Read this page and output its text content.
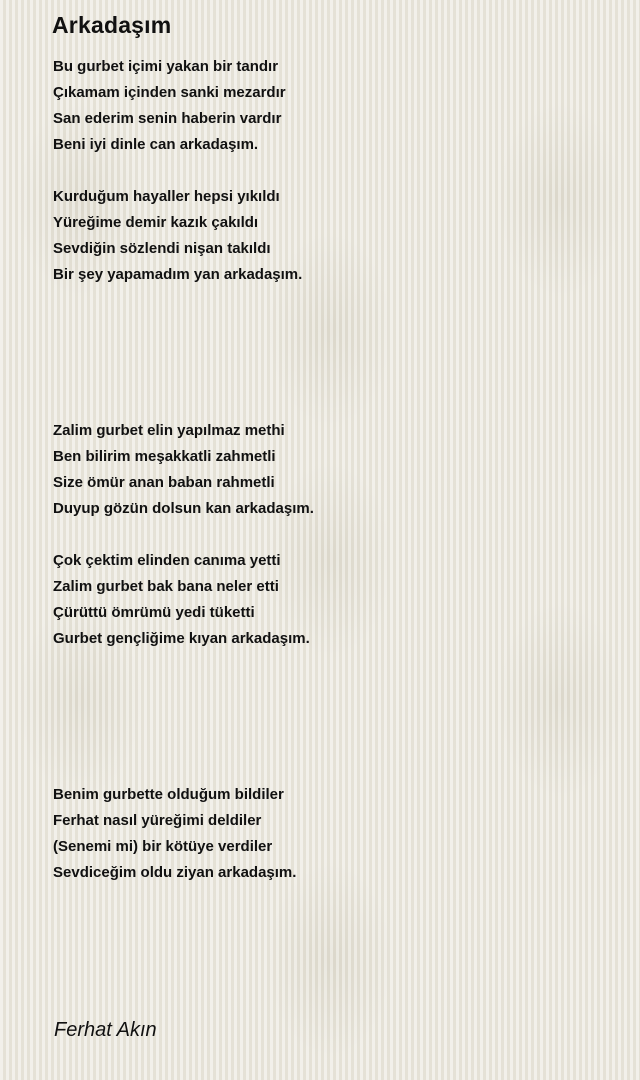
Arkadaşım
Bu gurbet içimi yakan bir tandır
Çıkamam içinden sanki mezardır
San ederim senin haberin vardır
Beni iyi dinle can arkadaşım.
Kurduğum hayaller hepsi yıkıldı
Yüreğime demir kazık çakıldı
Sevdiğin sözlendi nişan takıldı
Bir şey yapamadım yan arkadaşım.
Zalim gurbet elin yapılmaz methi
Ben bilirim meşakkatli zahmetli
Size ömür anan baban rahmetli
Duyup gözün dolsun kan arkadaşım.
Çok çektim elinden canıma yetti
Zalim gurbet bak bana neler etti
Çürüttü ömrümü yedi tüketti
Gurbet gençliğime kıyan arkadaşım.
Benim gurbette olduğum bildiler
Ferhat nasıl yüreğimi deldiler
(Senemi mi) bir kötüye verdiler
Sevdiceğim oldu ziyan arkadaşım.
Ferhat Akın
